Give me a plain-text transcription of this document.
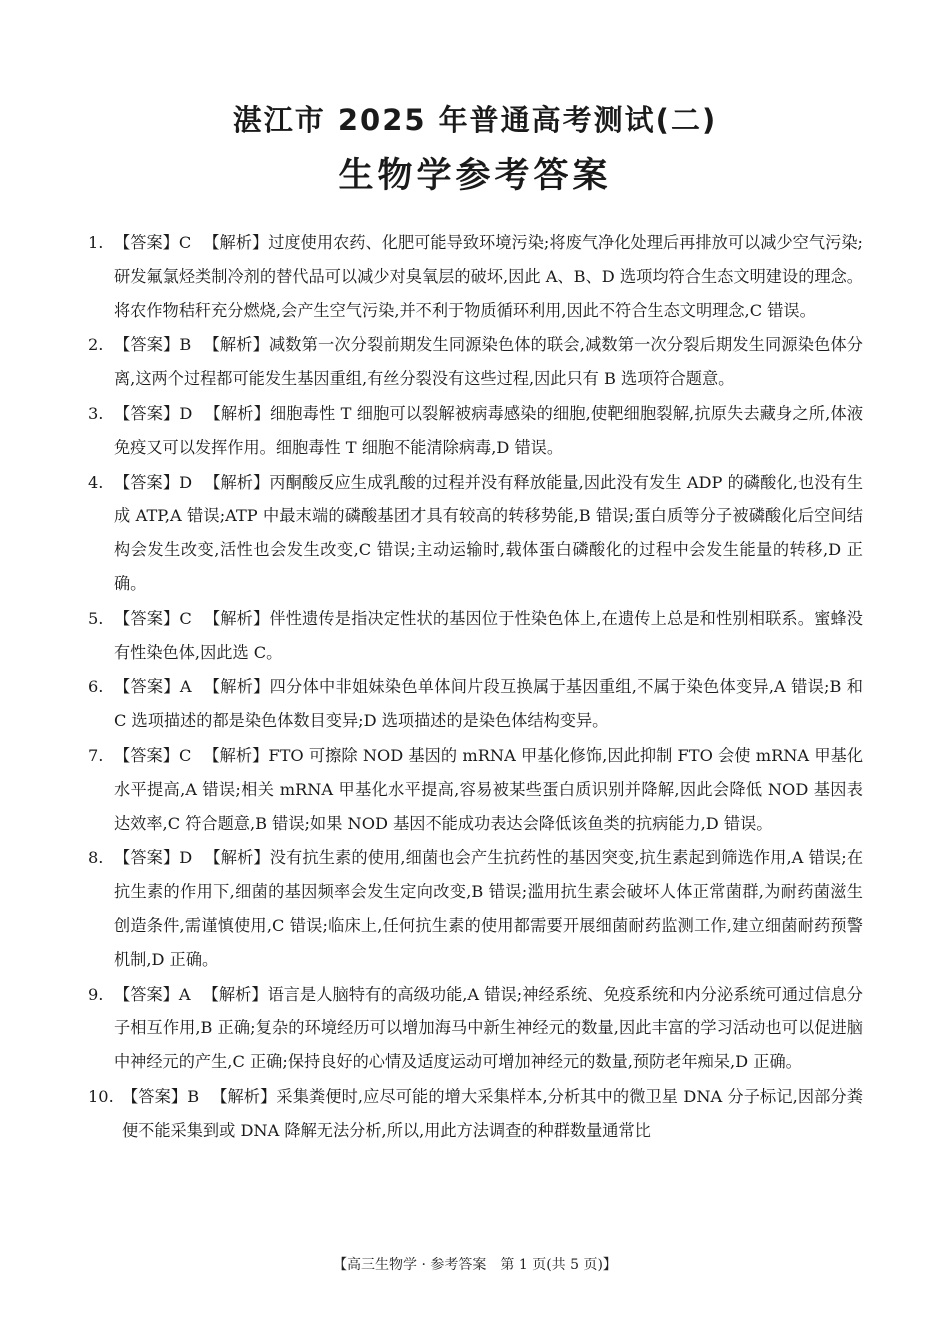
湛江市 2025 年普通高考测试(二)
生物学参考答案
1. 【答案】C 【解析】过度使用农药、化肥可能导致环境污染;将废气净化处理后再排放可以减少空气污染;研发氟氯烃类制冷剂的替代品可以减少对臭氧层的破坏,因此 A、B、D 选项均符合生态文明建设的理念。将农作物秸秆充分燃烧,会产生空气污染,并不利于物质循环利用,因此不符合生态文明理念,C 错误。
2. 【答案】B 【解析】减数第一次分裂前期发生同源染色体的联会,减数第一次分裂后期发生同源染色体分离,这两个过程都可能发生基因重组,有丝分裂没有这些过程,因此只有 B 选项符合题意。
3. 【答案】D 【解析】细胞毒性 T 细胞可以裂解被病毒感染的细胞,使靶细胞裂解,抗原失去藏身之所,体液免疫又可以发挥作用。细胞毒性 T 细胞不能清除病毒,D 错误。
4. 【答案】D 【解析】丙酮酸反应生成乳酸的过程并没有释放能量,因此没有发生 ADP 的磷酸化,也没有生成 ATP,A 错误;ATP 中最末端的磷酸基团才具有较高的转移势能,B 错误;蛋白质等分子被磷酸化后空间结构会发生改变,活性也会发生改变,C 错误;主动运输时,载体蛋白磷酸化的过程中会发生能量的转移,D 正确。
5. 【答案】C 【解析】伴性遗传是指决定性状的基因位于性染色体上,在遗传上总是和性别相联系。蜜蜂没有性染色体,因此选 C。
6. 【答案】A 【解析】四分体中非姐妹染色单体间片段互换属于基因重组,不属于染色体变异,A 错误;B 和 C 选项描述的都是染色体数目变异;D 选项描述的是染色体结构变异。
7. 【答案】C 【解析】FTO 可擦除 NOD 基因的 mRNA 甲基化修饰,因此抑制 FTO 会使 mRNA 甲基化水平提高,A 错误;相关 mRNA 甲基化水平提高,容易被某些蛋白质识别并降解,因此会降低 NOD 基因表达效率,C 符合题意,B 错误;如果 NOD 基因不能成功表达会降低该鱼类的抗病能力,D 错误。
8. 【答案】D 【解析】没有抗生素的使用,细菌也会产生抗药性的基因突变,抗生素起到筛选作用,A 错误;在抗生素的作用下,细菌的基因频率会发生定向改变,B 错误;滥用抗生素会破坏人体正常菌群,为耐药菌滋生创造条件,需谨慎使用,C 错误;临床上,任何抗生素的使用都需要开展细菌耐药监测工作,建立细菌耐药预警机制,D 正确。
9. 【答案】A 【解析】语言是人脑特有的高级功能,A 错误;神经系统、免疫系统和内分泌系统可通过信息分子相互作用,B 正确;复杂的环境经历可以增加海马中新生神经元的数量,因此丰富的学习活动也可以促进脑中神经元的产生,C 正确;保持良好的心情及适度运动可增加神经元的数量,预防老年痴呆,D 正确。
10. 【答案】B 【解析】采集粪便时,应尽可能的增大采集样本,分析其中的微卫星 DNA 分子标记,因部分粪便不能采集到或 DNA 降解无法分析,所以,用此方法调查的种群数量通常比
【高三生物学 · 参考答案　第 1 页(共 5 页)】
